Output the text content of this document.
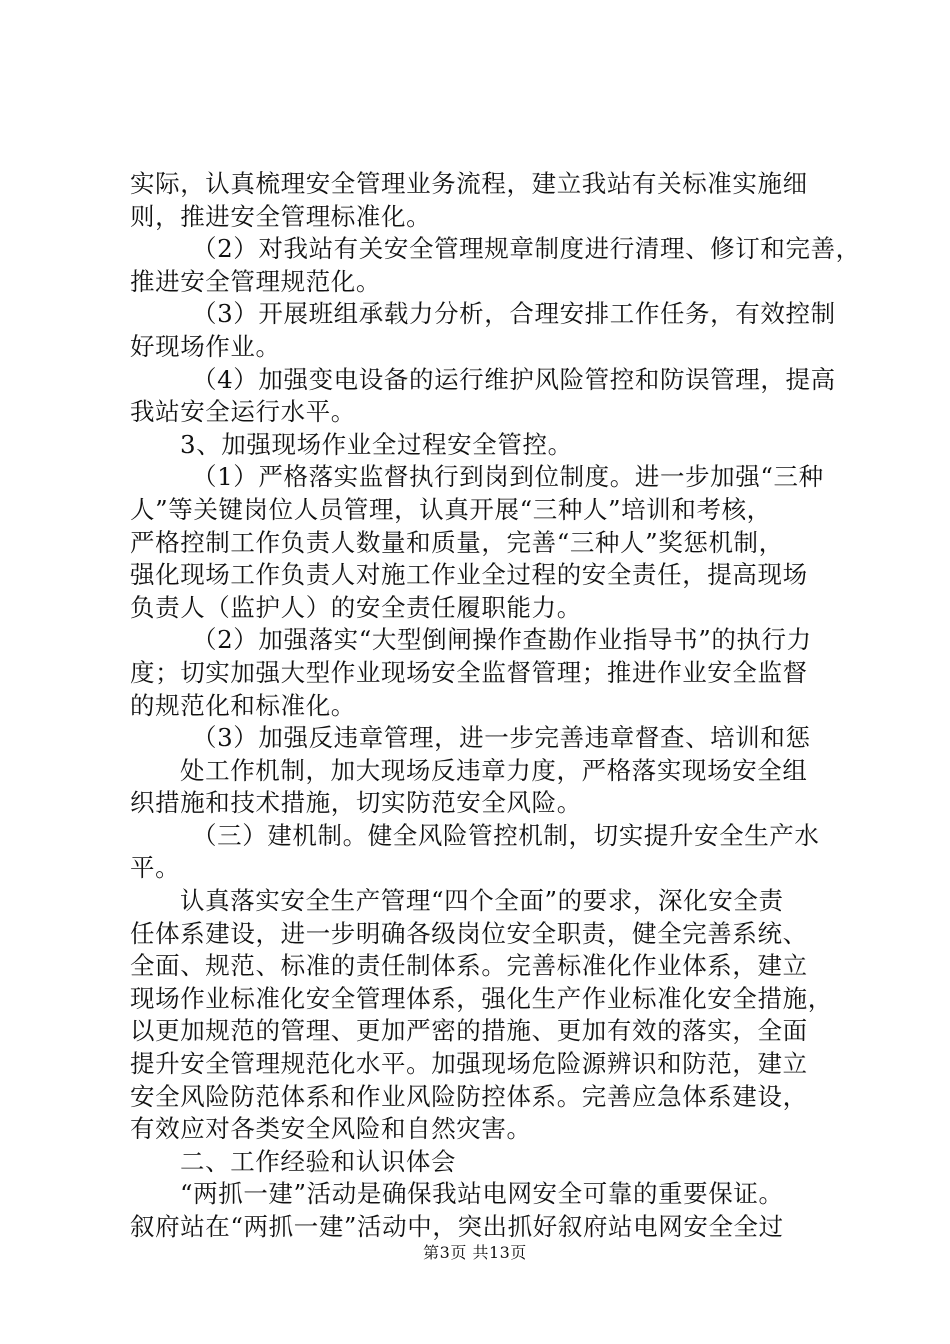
实际，认真梳理安全管理业务流程，建立我站有关标准实施细
则，推进安全管理标准化。
（2）对我站有关安全管理规章制度进行清理、修订和完善，
推进安全管理规范化。
（3）开展班组承载力分析，合理安排工作任务，有效控制
好现场作业。
（4）加强变电设备的运行维护风险管控和防误管理，提高
我站安全运行水平。
3、加强现场作业全过程安全管控。
（1）严格落实监督执行到岗到位制度。进一步加强“三种
人”等关键岗位人员管理，认真开展“三种人”培训和考核，
严格控制工作负责人数量和质量，完善“三种人”奖惩机制，
强化现场工作负责人对施工作业全过程的安全责任，提高现场
负责人（监护人）的安全责任履职能力。
（2）加强落实“大型倒闸操作查勘作业指导书”的执行力
度；切实加强大型作业现场安全监督管理；推进作业安全监督
的规范化和标准化。
（3）加强反违章管理，进一步完善违章督查、培训和惩
处工作机制，加大现场反违章力度，严格落实现场安全组
织措施和技术措施，切实防范安全风险。
（三）建机制。健全风险管控机制，切实提升安全生产水
平。
认真落实安全生产管理“四个全面”的要求，深化安全责
任体系建设，进一步明确各级岗位安全职责，健全完善系统、
全面、规范、标准的责任制体系。完善标准化作业体系，建立
现场作业标准化安全管理体系，强化生产作业标准化安全措施，
以更加规范的管理、更加严密的措施、更加有效的落实，全面
提升安全管理规范化水平。加强现场危险源辨识和防范，建立
安全风险防范体系和作业风险防控体系。完善应急体系建设，
有效应对各类安全风险和自然灾害。
二、工作经验和认识体会
“两抓一建”活动是确保我站电网安全可靠的重要保证。
叙府站在“两抓一建”活动中，突出抓好叙府站电网安全全过
第3页 共13页
